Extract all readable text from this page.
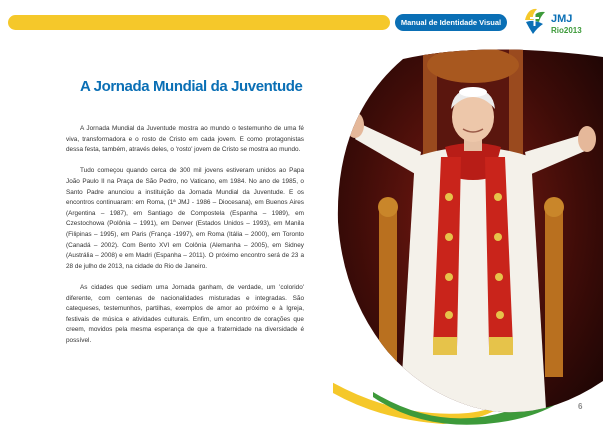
Manual de Identidade Visual	JMJ
Rio2013
A Jornada Mundial da Juventude

A Jornada Mundial da Juventude mostra ao mundo o testemunho de uma fé viva, transformadora e o rosto de Cristo em cada jovem. E como protagonistas dessa festa, também, através deles, o 'rosto' jovem de Cristo se mostra ao mundo.

Tudo começou quando cerca de 300 mil jovens estiveram unidos ao Papa João Paulo II na Praça de São Pedro, no Vaticano, em 1984. No ano de 1985, o Santo Padre anunciou a instituição da Jornada Mundial da Juventude. E os encontros continuaram: em Roma, (1ª JMJ - 1986 – Diocesana), em Buenos Aires (Argentina – 1987), em Santiago de Compostela (Espanha – 1989), em Czestochowa (Polônia – 1991), em Denver (Estados Unidos – 1993), em Manila (Filipinas – 1995), em Paris (França -1997), em Roma (Itália – 2000), em Toronto (Canadá – 2002). Com Bento XVI em Colônia (Alemanha – 2005), em Sidney (Austrália – 2008) e em Madri (Espanha – 2011). O próximo encontro será de 23 a 28 de julho de 2013, na cidade do Rio de Janeiro.

As cidades que sediam uma Jornada ganham, de verdade, um 'colorido' diferente, com centenas de nacionalidades misturadas e integradas. São catequeses, testemunhos, partilhas, exemplos de amor ao próximo e à Igreja, festivais de música e atividades culturais. Enfim, um encontro de corações que creem, movidos pela mesma esperança de que a fraternidade na diversidade é possível.

6
